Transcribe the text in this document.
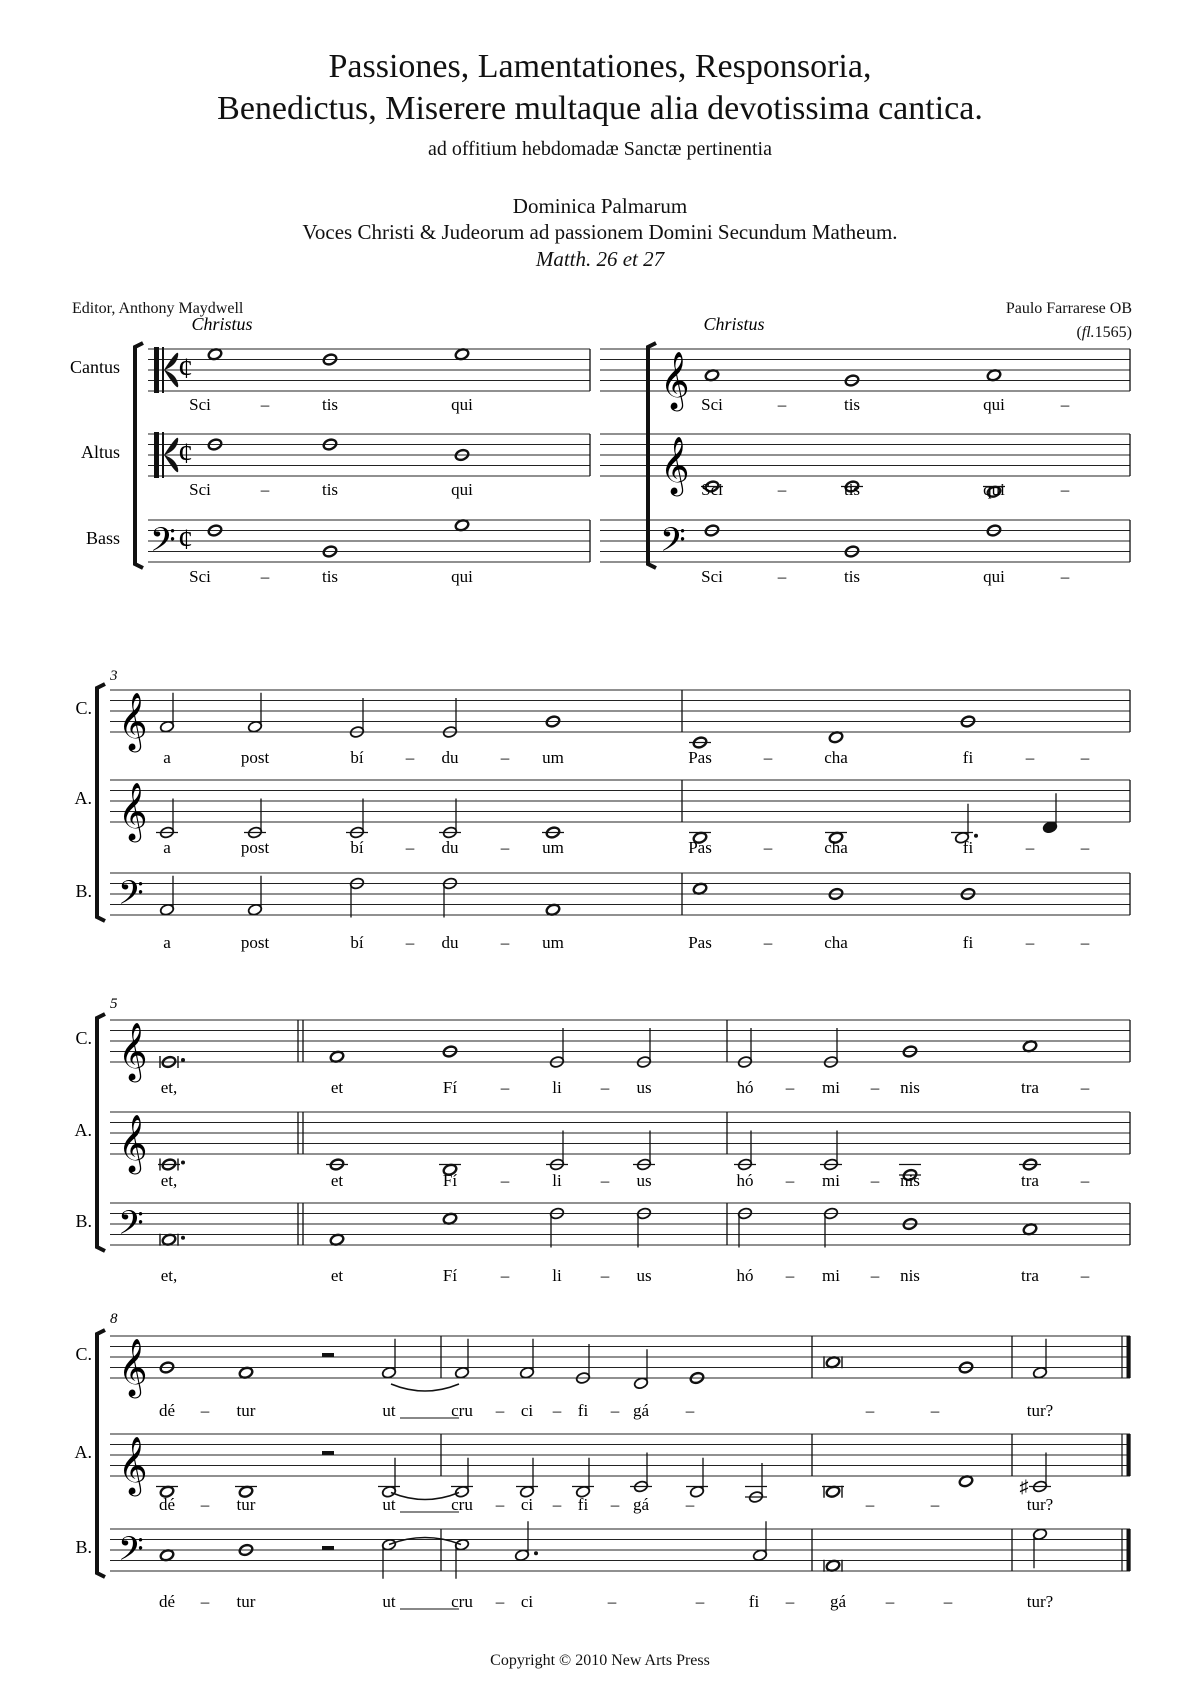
Passiones, Lamentationes, Responsoria,
Benedictus, Miserere multaque alia devotissima cantica.
ad offitium hebdomadæ Sanctæ pertinentia
Dominica Palmarum
Voces Christi & Judeorum ad passionem Domini Secundum Matheum.
Matth. 26 et 27
Editor, Anthony Maydwell	Paulo Farrarese OB
(fl.1565)
¢
¢
𝄢 ¢
Cantus
Altus
Bass
Christus
Sci	–	tis	qui
Sci	–	tis	qui
Sci	–	tis	qui
𝄞
𝄞
𝄢
Christus
Sci	–	tis	qui	–
Sci	–	tis	qui	–
Sci	–	tis	qui	–
𝄞
𝄞
𝄢
C.
A.
B.
3
a	post	bí – du – um	Pas	–	cha	fi	–	–
a	post	bí – du – um	Pas	–	cha	fi	–	–
a	post	bí – du – um	Pas	–	cha	fi	–	–
𝄞
𝄞
𝄢
C.
A.
B.
5
et,	et	Fí	–	li – us	hó – mi – nis	tra –
et,	et	Fí	–	li – us	hó – mi – nis	tra –
et,	et	Fí	–	li – us	hó – mi – nis	tra –
𝄞
𝄞
𝄢
C.
A.
B.
8
♯
dé – tur	ut	cru – ci – fi – gá –	–	–	tur?
dé – tur	ut	cru – ci – fi – gá –	–	–	tur?
dé – tur	ut	cru – ci	–	–	fi – gá –	–	tur?
Copyright © 2010 New Arts Press
